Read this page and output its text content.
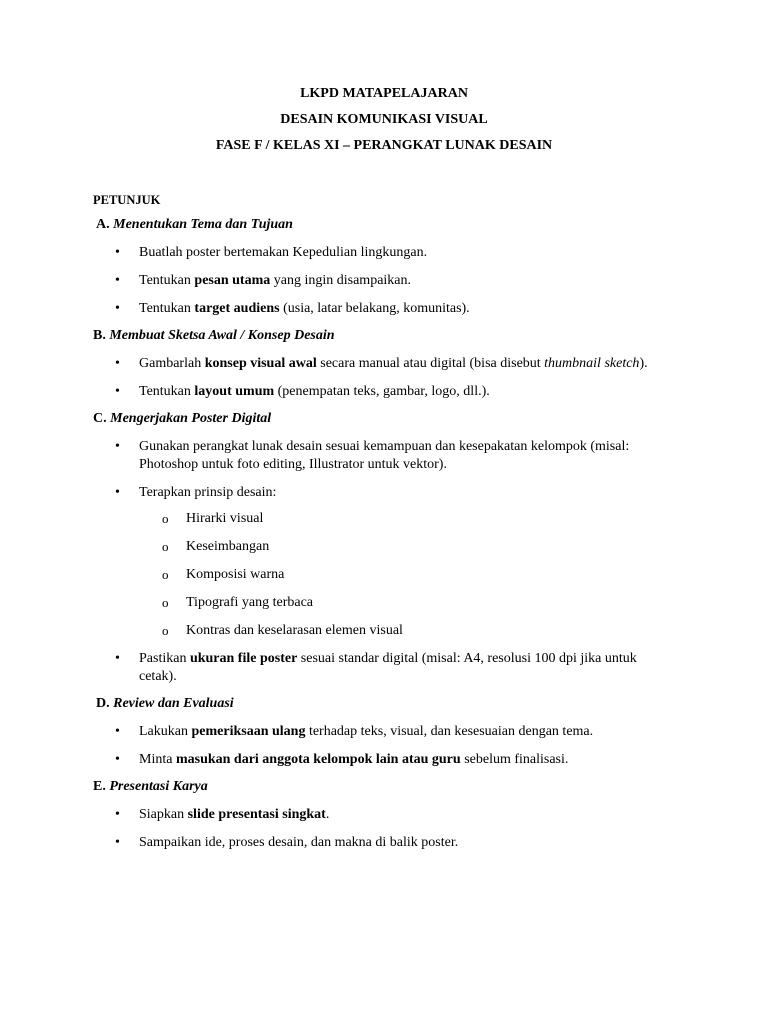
LKPD MATAPELAJARAN
DESAIN KOMUNIKASI VISUAL
FASE F / KELAS XI – PERANGKAT LUNAK DESAIN
PETUNJUK

A. Menentukan Tema dan Tujuan

• Buatlah poster bertemakan Kepedulian lingkungan.
• Tentukan pesan utama yang ingin disampaikan.
• Tentukan target audiens (usia, latar belakang, komunitas).

B. Membuat Sketsa Awal / Konsep Desain

• Gambarlah konsep visual awal secara manual atau digital (bisa disebut thumbnail sketch).
• Tentukan layout umum (penempatan teks, gambar, logo, dll.).

C. Mengerjakan Poster Digital

• Gunakan perangkat lunak desain sesuai kemampuan dan kesepakatan kelompok (misal: Photoshop untuk foto editing, Illustrator untuk vektor).
• Terapkan prinsip desain:
o Hirarki visual
o Keseimbangan
o Komposisi warna
o Tipografi yang terbaca
o Kontras dan keselarasan elemen visual
• Pastikan ukuran file poster sesuai standar digital (misal: A4, resolusi 100 dpi jika untuk cetak).

D. Review dan Evaluasi

• Lakukan pemeriksaan ulang terhadap teks, visual, dan kesesuaian dengan tema.
• Minta masukan dari anggota kelompok lain atau guru sebelum finalisasi.

E. Presentasi Karya

• Siapkan slide presentasi singkat.
• Sampaikan ide, proses desain, dan makna di balik poster.
